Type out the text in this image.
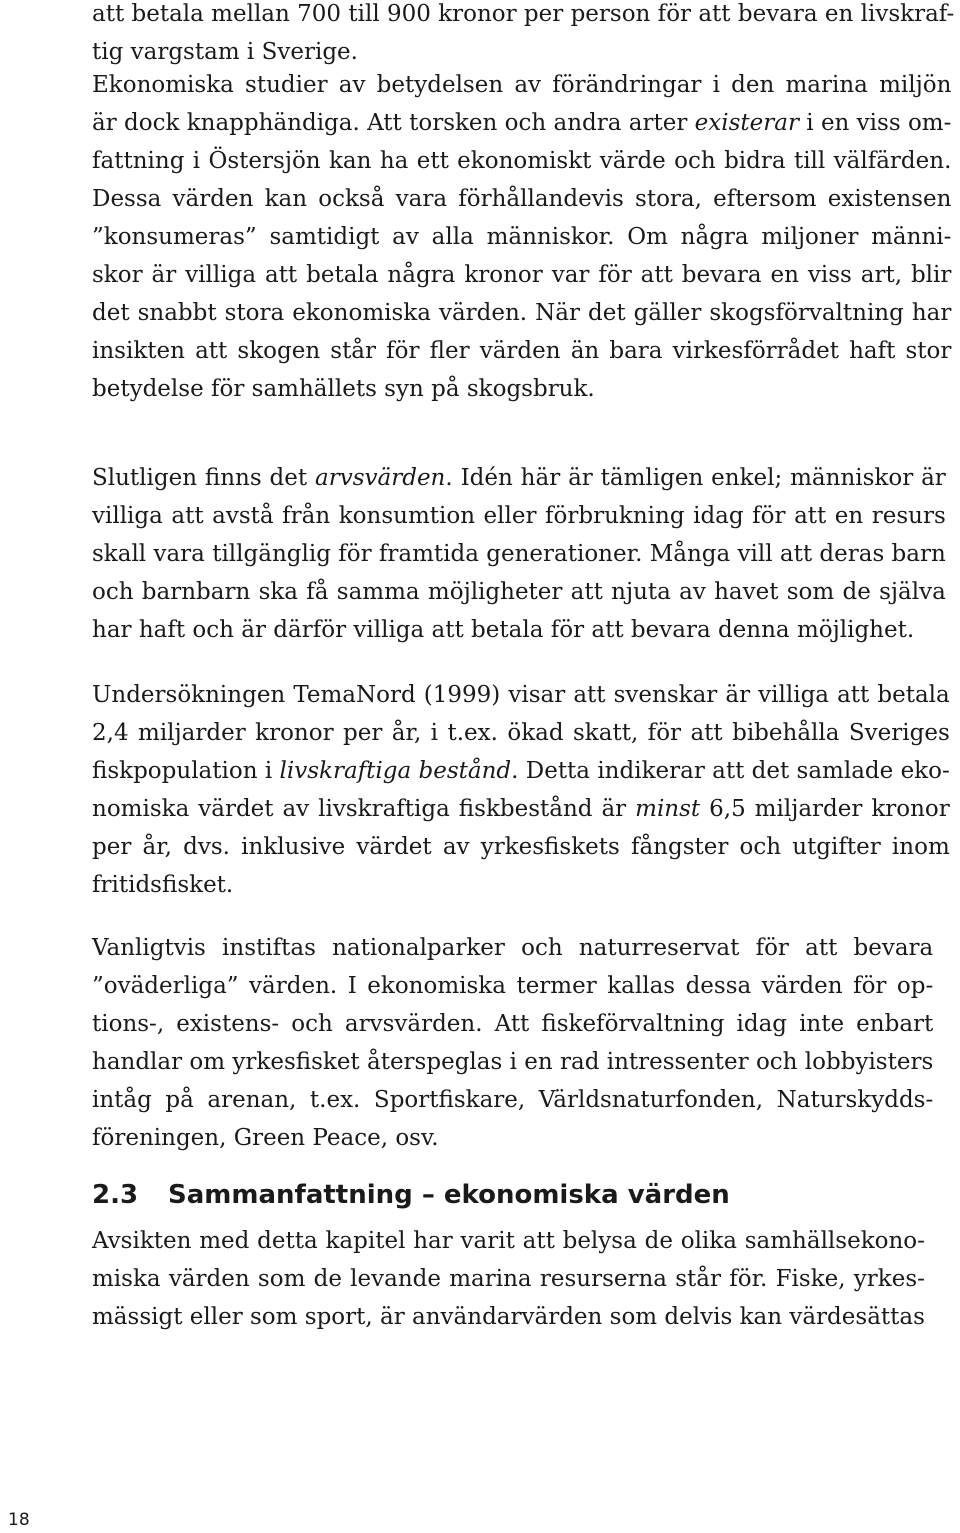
att betala mellan 700 till 900 kronor per person för att bevara en livskraf-
tig vargstam i Sverige.

Ekonomiska studier av betydelsen av förändringar i den marina miljön
är dock knapphändiga. Att torsken och andra arter existerar i en viss om-
fattning i Östersjön kan ha ett ekonomiskt värde och bidra till välfärden.
Dessa värden kan också vara förhållandevis stora, eftersom existensen
”konsumeras” samtidigt av alla människor. Om några miljoner männi-
skor är villiga att betala några kronor var för att bevara en viss art, blir
det snabbt stora ekonomiska värden. När det gäller skogsförvaltning har
insikten att skogen står för fler värden än bara virkesförrådet haft stor
betydelse för samhällets syn på skogsbruk.

Slutligen finns det arvsvärden. Idén här är tämligen enkel; människor är
villiga att avstå från konsumtion eller förbrukning idag för att en resurs
skall vara tillgänglig för framtida generationer. Många vill att deras barn
och barnbarn ska få samma möjligheter att njuta av havet som de själva
har haft och är därför villiga att betala för att bevara denna möjlighet.

Undersökningen TemaNord (1999) visar att svenskar är villiga att betala
2,4 miljarder kronor per år, i t.ex. ökad skatt, för att bibehålla Sveriges
fiskpopulation i livskraftiga bestånd. Detta indikerar att det samlade eko-
nomiska värdet av livskraftiga fiskbestånd är minst 6,5 miljarder kronor
per år, dvs. inklusive värdet av yrkesfiskets fångster och utgifter inom
fritidsfisket.

Vanligtvis instiftas nationalparker och naturreservat för att bevara
”oväderliga” värden. I ekonomiska termer kallas dessa värden för op-
tions-, existens- och arvsvärden. Att fiskeförvaltning idag inte enbart
handlar om yrkesfisket återspeglas i en rad intressenter och lobbyisters
intåg på arenan, t.ex. Sportfiskare, Världsnaturfonden, Naturskydds-
föreningen, Green Peace, osv.

2.3 Sammanfattning – ekonomiska värden

Avsikten med detta kapitel har varit att belysa de olika samhällsekono-
miska värden som de levande marina resurserna står för. Fiske, yrkes-
mässigt eller som sport, är användarvärden som delvis kan värdesättas

18
